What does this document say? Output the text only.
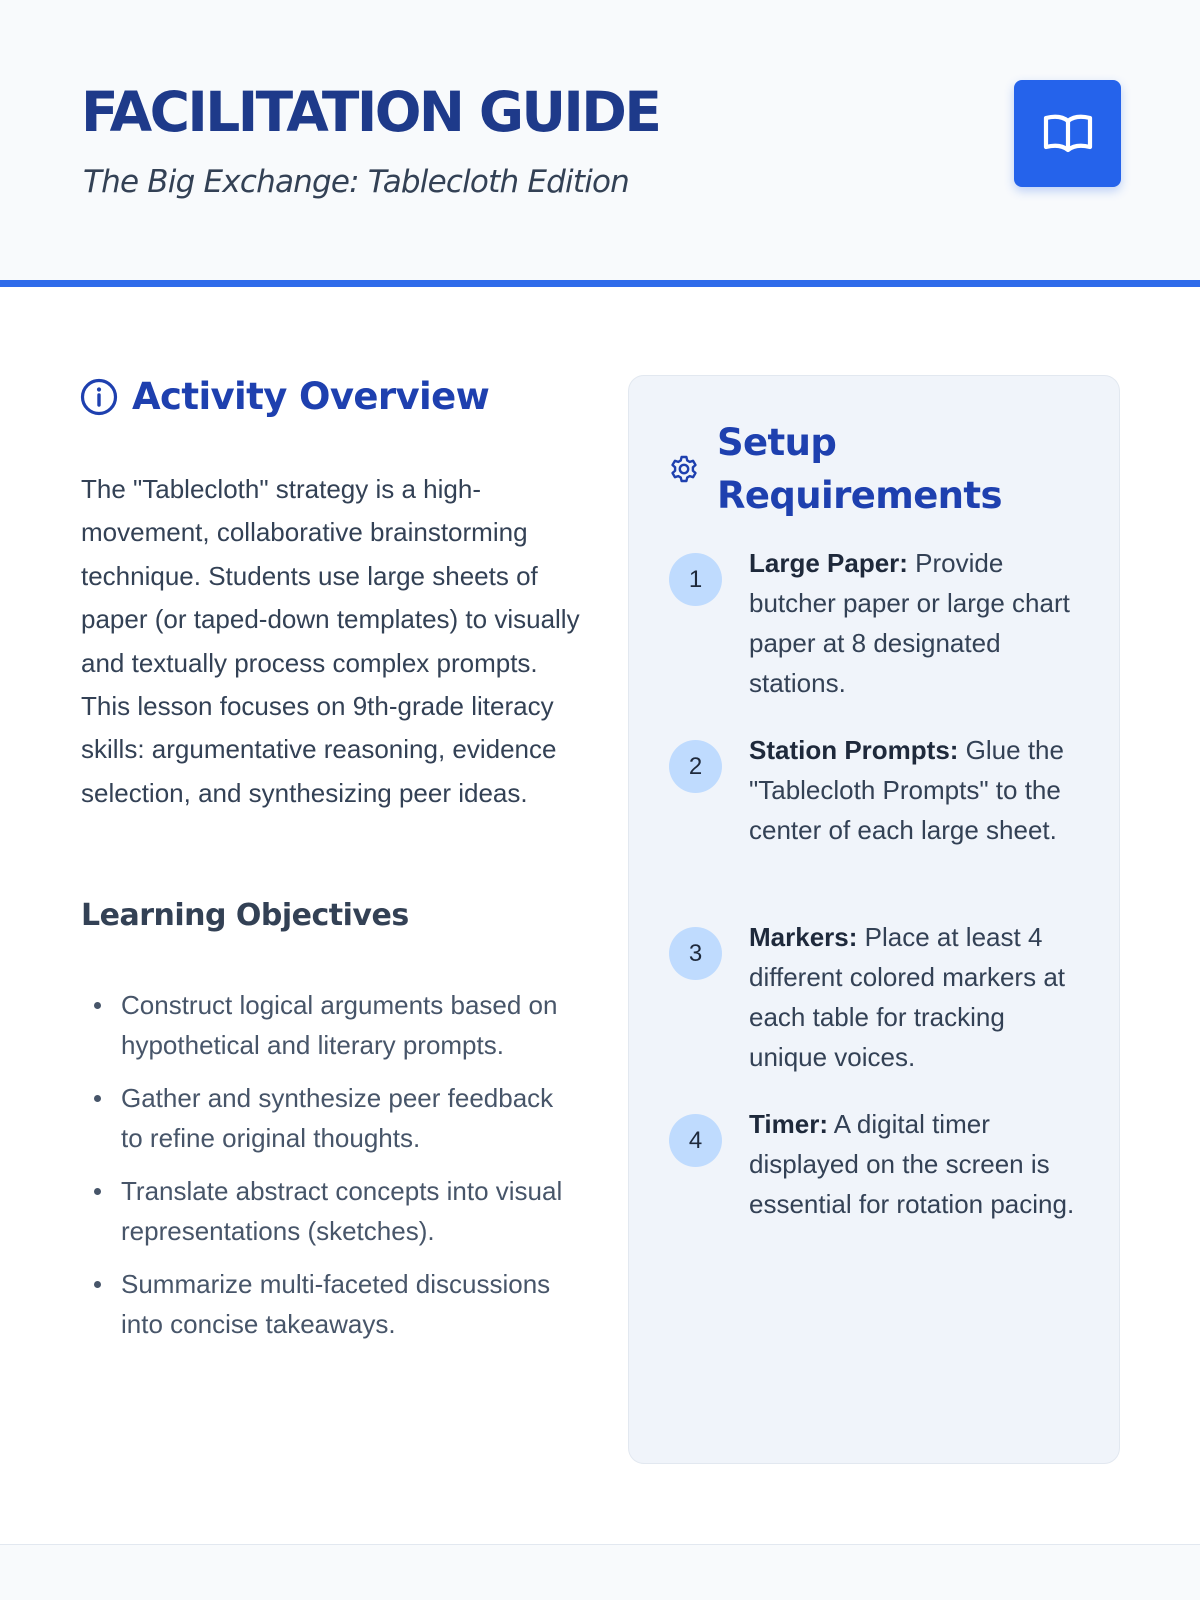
FACILITATION GUIDE
The Big Exchange: Tablecloth Edition
Activity Overview

The "Tablecloth" strategy is a high-movement, collaborative brainstorming technique. Students use large sheets of paper (or taped-down templates) to visually and textually process complex prompts. This lesson focuses on 9th-grade literacy skills: argumentative reasoning, evidence selection, and synthesizing peer ideas.

Learning Objectives
Construct logical arguments based on hypothetical and literary prompts.
Gather and synthesize peer feedback to refine original thoughts.
Translate abstract concepts into visual representations (sketches).
Summarize multi-faceted discussions into concise takeaways.
Setup Requirements
1
Large Paper: Provide butcher paper or large chart paper at 8 designated stations.
2
Station Prompts: Glue the "Tablecloth Prompts" to the center of each large sheet.
3
Markers: Place at least 4 different colored markers at each table for tracking unique voices.
4
Timer: A digital timer displayed on the screen is essential for rotation pacing.
